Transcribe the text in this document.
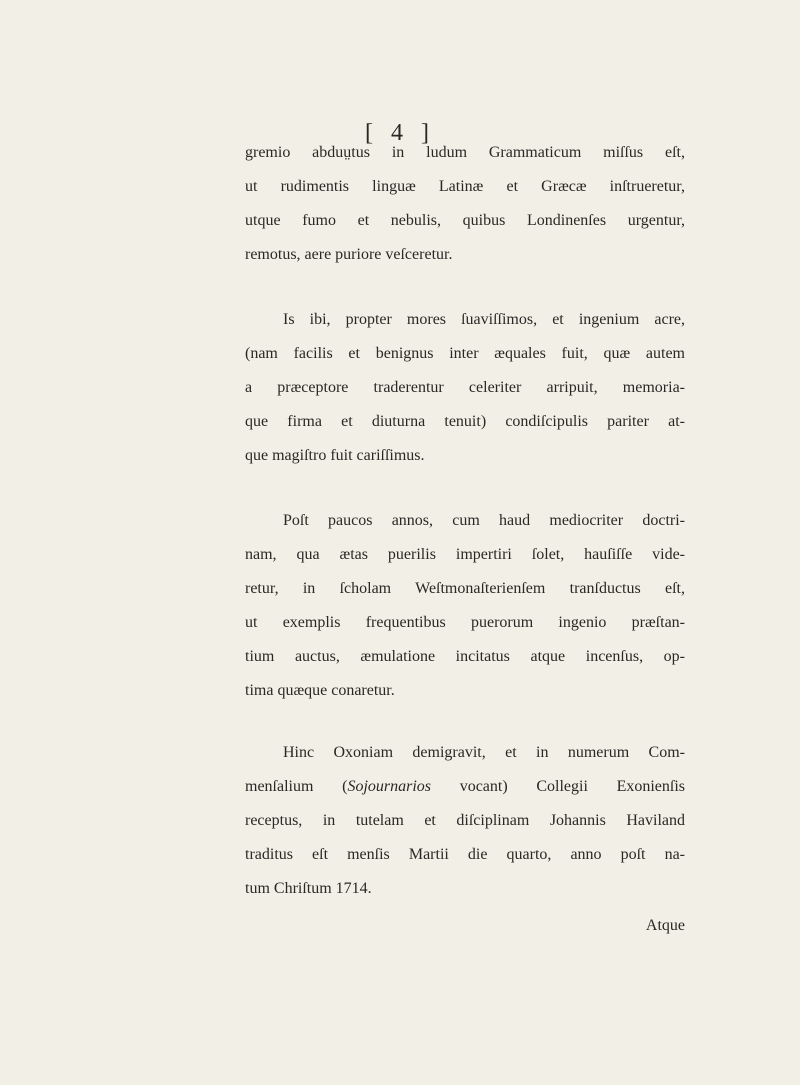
[ 4 ]
gremio abduṳtus in ludum Grammaticum miſſus eſt,
ut rudimentis linguæ Latinæ et Græcæ inſtrueretur,
utque fumo et nebulis, quibus Londinenſes urgentur,
remotus, aere puriore veſceretur.
Is ibi, propter mores ſuaviſſimos, et ingenium acre,
(nam facilis et benignus inter æquales fuit, quæ autem
a præceptore traderentur celeriter arripuit, memoria-
que firma et diuturna tenuit) condiſcipulis pariter at-
que magiſtro fuit cariſſimus.
Poſt paucos annos, cum haud mediocriter doctri-
nam, qua ætas puerilis impertiri ſolet, hauſiſſe vide-
retur, in ſcholam Weſtmonaſterienſem tranſductus eſt,
ut exemplis frequentibus puerorum ingenio præſtan-
tium auctus, æmulatione incitatus atque incenſus, op-
tima quæque conaretur.
Hinc Oxoniam demigravit, et in numerum Com-
menſalium (Sojournarios vocant) Collegii Exonienſis
receptus, in tutelam et diſciplinam Johannis Haviland
traditus eſt menſis Martii die quarto, anno poſt na-
tum Chriſtum 1714.
Atque
